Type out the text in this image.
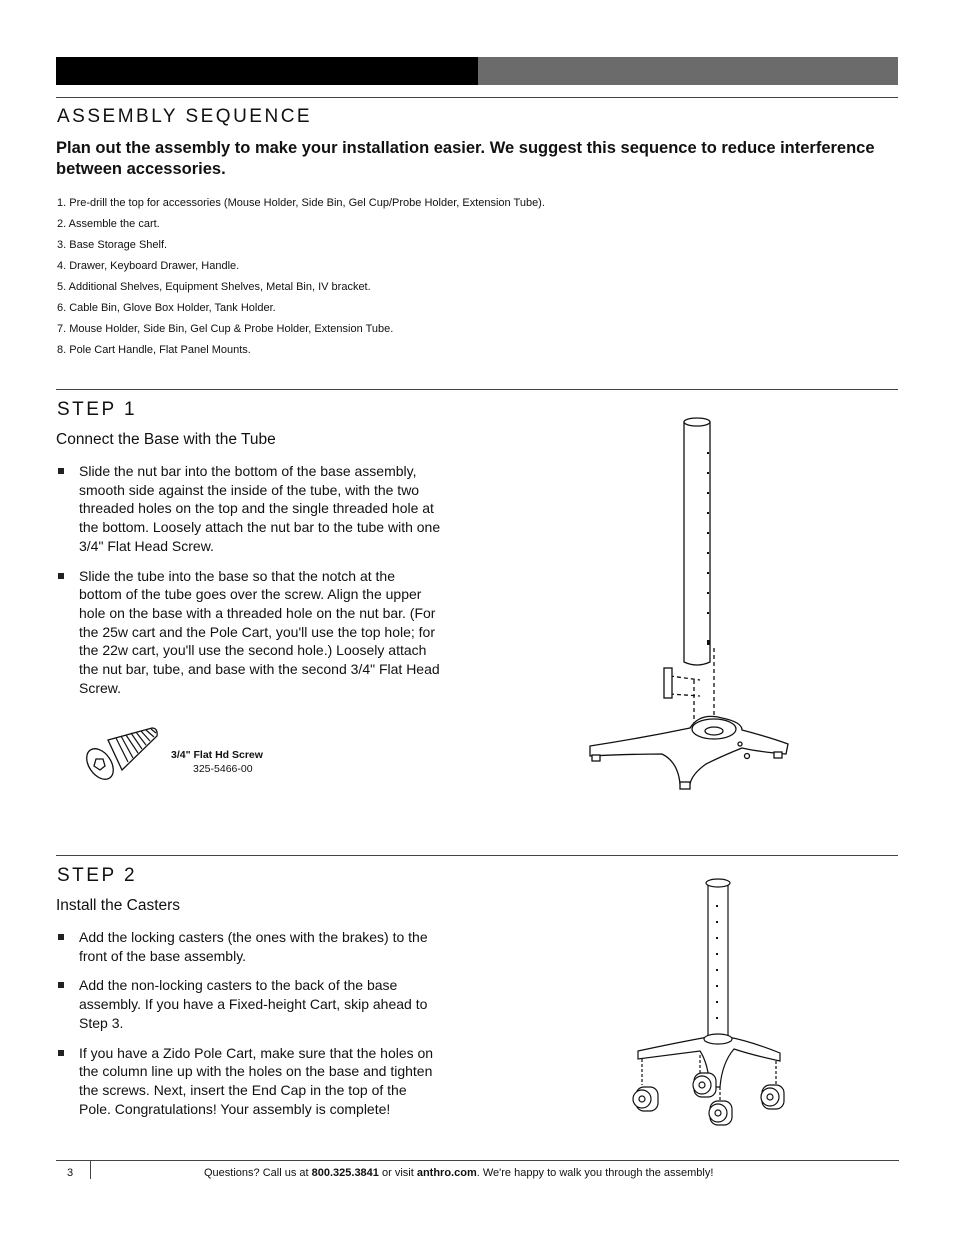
ASSEMBLY SEQUENCE

Plan out the assembly to make your installation easier. We suggest this sequence to reduce interference between accessories.

1. Pre-drill the top for accessories (Mouse Holder, Side Bin, Gel Cup/Probe Holder, Extension Tube).
2. Assemble the cart.
3. Base Storage Shelf.
4. Drawer, Keyboard Drawer, Handle.
5. Additional Shelves, Equipment Shelves, Metal Bin, IV bracket.
6. Cable Bin, Glove Box Holder, Tank Holder.
7. Mouse Holder, Side Bin, Gel Cup & Probe Holder, Extension Tube.
8. Pole Cart Handle, Flat Panel Mounts.
STEP 1

Connect the Base with the Tube

Slide the nut bar into the bottom of the base assembly, smooth side against the inside of the tube, with the two threaded holes on the top and the single threaded hole at the bottom. Loosely attach the nut bar to the tube with one 3/4" Flat Head Screw.
Slide the tube into the base so that the notch at the bottom of the tube goes over the screw. Align the upper hole on the base with a threaded hole on the nut bar. (For the 25w cart and the Pole Cart, you'll use the top hole; for the 22w cart, you'll use the second hole.) Loosely attach the nut bar, tube, and base with the second 3/4" Flat Head Screw.
3/4" Flat Hd Screw
325-5466-00
STEP 2

Install the Casters

Add the locking casters (the ones with the brakes) to the front of the base assembly.
Add the non-locking casters to the back of the base assembly. If you have a Fixed-height Cart, skip ahead to Step 3.
If you have a Zido Pole Cart, make sure that the holes on the column line up with the holes on the base and tighten the screws. Next, insert the End Cap in the top of the Pole. Congratulations! Your assembly is complete!
3	Questions? Call us at 800.325.3841 or visit anthro.com. We're happy to walk you through the assembly!
